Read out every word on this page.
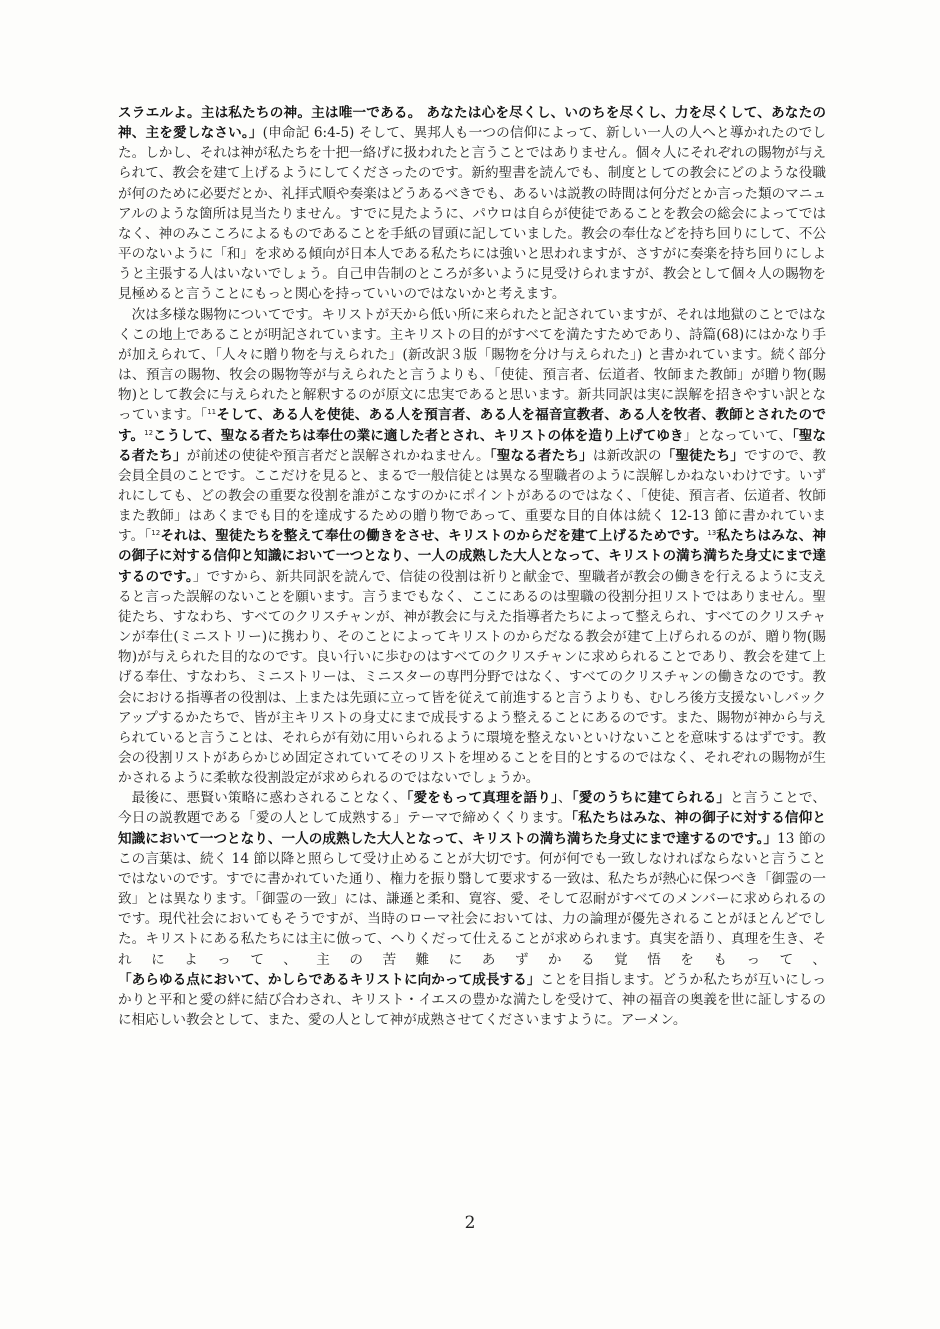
スラエルよ。主は私たちの神。主は唯一である。 あなたは心を尽くし、いのちを尽くし、力を尽くして、あなたの神、主を愛しなさい。」(申命記 6:4-5) そして、異邦人も一つの信仰によって、新しい一人の人へと導かれたのでした。しかし、それは神が私たちを十把一絡げに扱われたと言うことではありません。個々人にそれぞれの賜物が与えられて、教会を建て上げるようにしてくださったのです。新約聖書を読んでも、制度としての教会にどのような役職が何のために必要だとか、礼拝式順や奏楽はどうあるべきでも、あるいは説教の時間は何分だとか言った類のマニュアルのような箇所は見当たりません。すでに見たように、パウロは自らが使徒であることを教会の総会によってではなく、神のみこころによるものであることを手紙の冒頭に記していました。教会の奉仕などを持ち回りにして、不公平のないように「和」を求める傾向が日本人である私たちには強いと思われますが、さすがに奏楽を持ち回りにしようと主張する人はいないでしょう。自己申告制のところが多いように見受けられますが、教会として個々人の賜物を見極めると言うことにもっと関心を持っていいのではないかと考えます。

次は多様な賜物についてです。キリストが天から低い所に来られたと記されていますが、それは地獄のことではなくこの地上であることが明記されています。主キリストの目的がすべてを満たすためであり、詩篇(68)にはかなり手が加えられて、「人々に贈り物を与えられた」(新改訳３版「賜物を分け与えられた」) と書かれています。続く部分は、預言の賜物、牧会の賜物等が与えられたと言うよりも、「使徒、預言者、伝道者、牧師また教師」が贈り物(賜物)として教会に与えられたと解釈するのが原文に忠実であると思います。新共同訳は実に誤解を招きやすい訳となっています。「$^{11}$そして、ある人を使徒、ある人を預言者、ある人を福音宣教者、ある人を牧者、教師とされたのです。$^{12}$こうして、聖なる者たちは奉仕の業に適した者とされ、キリストの体を造り上げてゆき」となっていて、「聖なる者たち」が前述の使徒や預言者だと誤解されかねません。「聖なる者たち」は新改訳の「聖徒たち」ですので、教会員全員のことです。ここだけを見ると、まるで一般信徒とは異なる聖職者のように誤解しかねないわけです。いずれにしても、どの教会の重要な役割を誰がこなすのかにポイントがあるのではなく、「使徒、預言者、伝道者、牧師また教師」はあくまでも目的を達成するための贈り物であって、重要な目的自体は続く 12-13 節に書かれています。「$^{12}$それは、聖徒たちを整えて奉仕の働きをさせ、キリストのからだを建て上げるためです。$^{13}$私たちはみな、神の御子に対する信仰と知識において一つとなり、一人の成熟した大人となって、キリストの満ち満ちた身丈にまで達するのです。」ですから、新共同訳を読んで、信徒の役割は祈りと献金で、聖職者が教会の働きを行えるように支えると言った誤解のないことを願います。言うまでもなく、ここにあるのは聖職の役割分担リストではありません。聖徒たち、すなわち、すべてのクリスチャンが、神が教会に与えた指導者たちによって整えられ、すべてのクリスチャンが奉仕(ミニストリー)に携わり、そのことによってキリストのからだなる教会が建て上げられるのが、贈り物(賜物)が与えられた目的なのです。良い行いに歩むのはすべてのクリスチャンに求められることであり、教会を建て上げる奉仕、すなわち、ミニストリーは、ミニスターの専門分野ではなく、すべてのクリスチャンの働きなのです。教会における指導者の役割は、上または先頭に立って皆を従えて前進すると言うよりも、むしろ後方支援ないしバックアップするかたちで、皆が主キリストの身丈にまで成長するよう整えることにあるのです。また、賜物が神から与えられていると言うことは、それらが有効に用いられるように環境を整えないといけないことを意味するはずです。教会の役割リストがあらかじめ固定されていてそのリストを埋めることを目的とするのではなく、それぞれの賜物が生かされるように柔軟な役割設定が求められるのではないでしょうか。

最後に、悪賢い策略に惑わされることなく、「愛をもって真理を語り」、「愛のうちに建てられる」と言うことで、今日の説教題である「愛の人として成熟する」テーマで締めくくります。「私たちはみな、神の御子に対する信仰と知識において一つとなり、一人の成熟した大人となって、キリストの満ち満ちた身丈にまで達するのです。」13 節のこの言葉は、続く 14 節以降と照らして受け止めることが大切です。何が何でも一致しなければならないと言うことではないのです。すでに書かれていた通り、権力を振り翳して要求する一致は、私たちが熱心に保つべき「御霊の一致」とは異なります。「御霊の一致」には、謙遜と柔和、寛容、愛、そして忍耐がすべてのメンバーに求められるのです。現代社会においてもそうですが、当時のローマ社会においては、力の論理が優先されることがほとんどでした。キリストにある私たちには主に倣って、へりくだって仕えることが求められます。真実を語り、真理を生き、それによって、主の苦難にあずかる覚悟をもって、「あらゆる点において、かしらであるキリストに向かって成長する」ことを目指します。どうか私たちが互いにしっかりと平和と愛の絆に結び合わされ、キリスト・イエスの豊かな満たしを受けて、神の福音の奥義を世に証しするのに相応しい教会として、また、愛の人として神が成熟させてくださいますように。アーメン。

2
